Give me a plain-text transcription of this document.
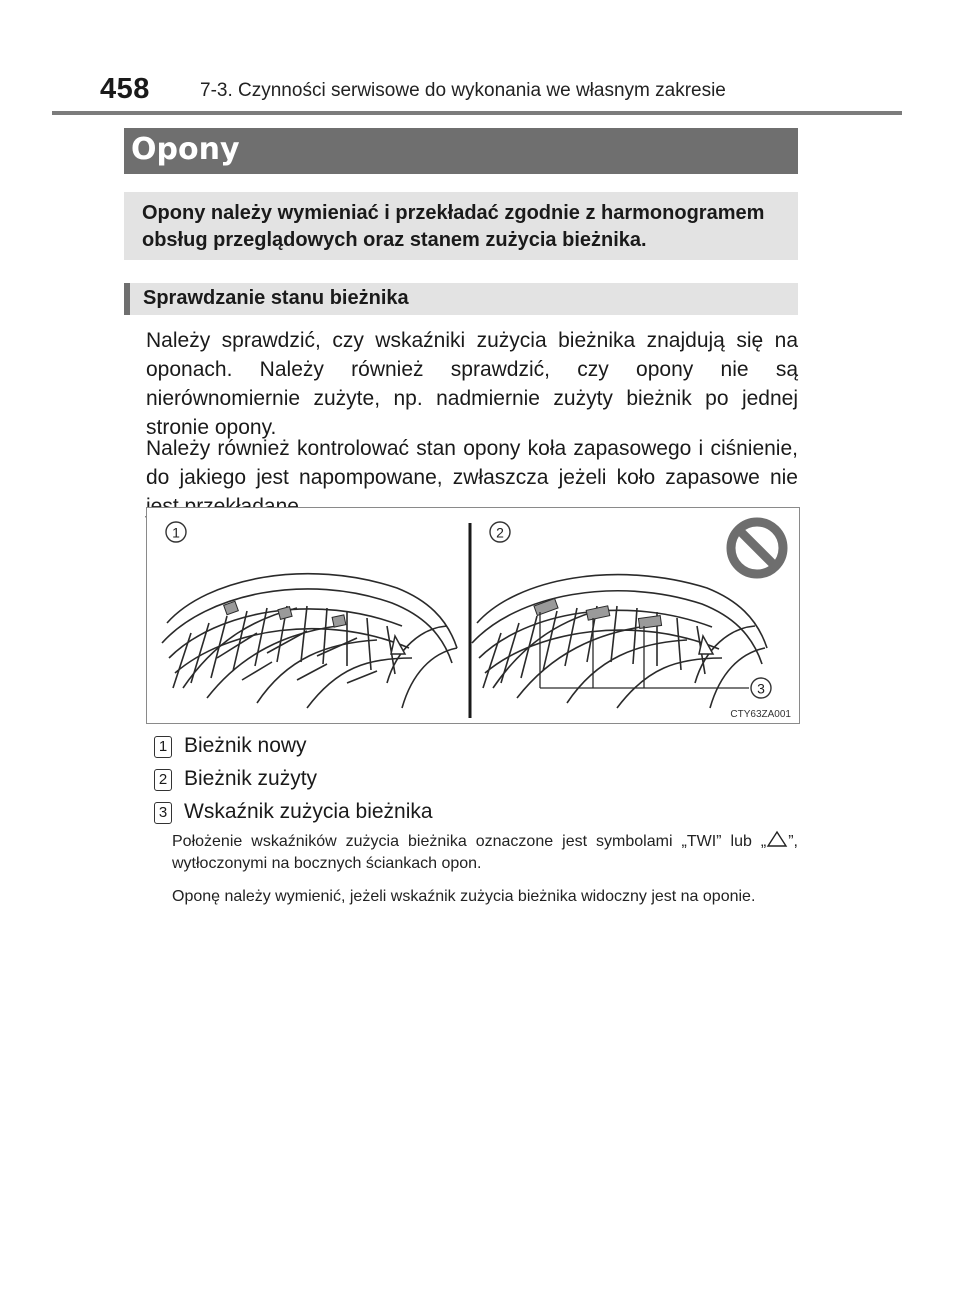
458	7-3. Czynności serwisowe do wykonania we własnym zakresie
Opony
Opony należy wymieniać i przekładać zgodnie z harmonogramem obsług przeglądowych oraz stanem zużycia bieżnika.
Sprawdzanie stanu bieżnika

Należy sprawdzić, czy wskaźniki zużycia bieżnika znajdują się na oponach. Należy również sprawdzić, czy opony nie są nierównomiernie zużyte, np. nadmiernie zużyty bieżnik po jednej stronie opony.

Należy również kontrolować stan opony koła zapasowego i ciśnienie, do jakiego jest napompowane, zwłaszcza jeżeli koło zapasowe nie

1	2
3
CTY63ZA001
1 Bieżnik nowy
2 Bieżnik zużyty
3 Wskaźnik zużycia bieżnika

Położenie wskaźników zużycia bieżnika oznaczone jest symbolami „TWI” lub „ ”, wytłoczonymi na bocznych ściankach opon.

Oponę należy wymienić, jeżeli wskaźnik zużycia bieżnika widoczny jest na oponie.
